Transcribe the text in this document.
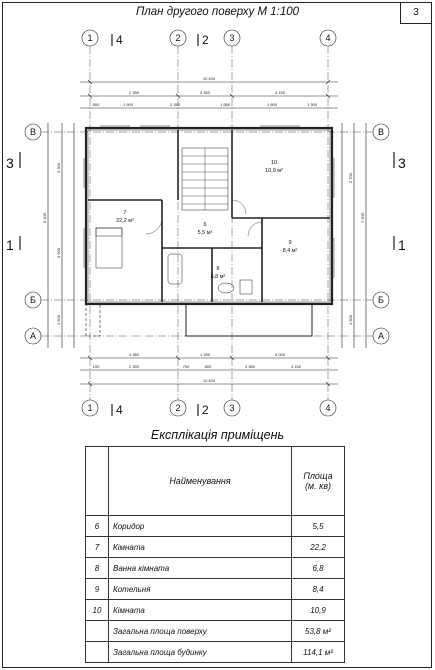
3
План другого поверху М 1:100
1	2	3	4
1	2	3	4
В
Б
А
В
Б
А
4	2
4	2
3
1
3
1
10 400
2 350	3 350	4 150
900	1 900	2 350	1 950	1 800	1 300
4 380	1 350	4 000
150	2 350	700	800	3 350	4 150
10 400
8 400
3 300
3 600
1 500
2 700
7 300
1 500
6
5,5 м²
7
22,2 м²
8
6,8 м²
9
8,4 м²
10
10,9 м²
Експлікація приміщень
	Найменування	Площа
(м. кв)
6	Коридор	5,5
7	Кімната	22,2
8	Ванна кімната	6,8
9	Котельня	8,4
10	Кімната	10,9
	Загальна площа поверху	53,8 м²
	Загальна площа будинку	114,1 м²
